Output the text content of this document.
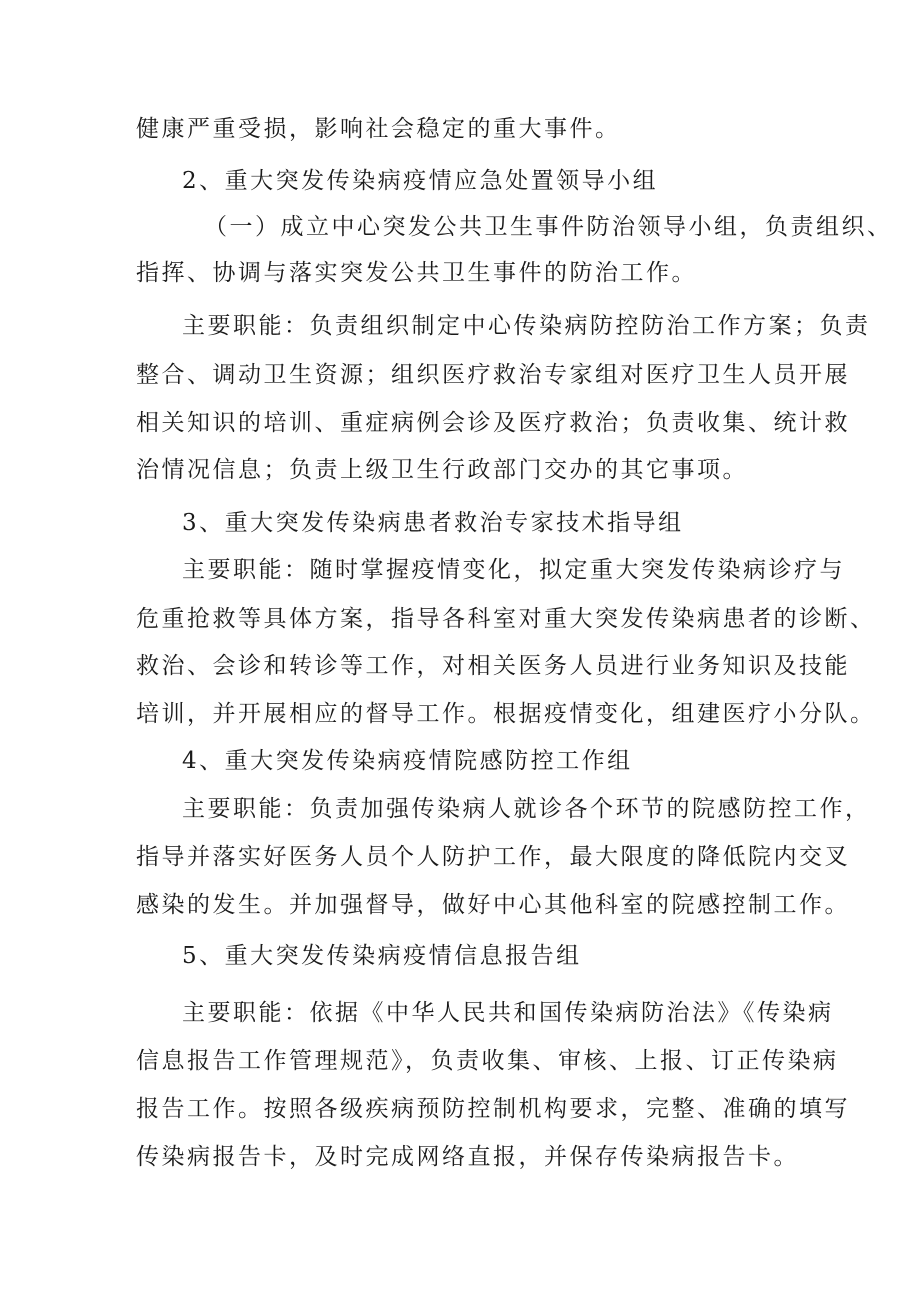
健康严重受损，影响社会稳定的重大事件。
2、重大突发传染病疫情应急处置领导小组
（一）成立中心突发公共卫生事件防治领导小组，负责组织、
指挥、协调与落实突发公共卫生事件的防治工作。
主要职能：负责组织制定中心传染病防控防治工作方案；负责
整合、调动卫生资源；组织医疗救治专家组对医疗卫生人员开展
相关知识的培训、重症病例会诊及医疗救治；负责收集、统计救
治情况信息；负责上级卫生行政部门交办的其它事项。
3、重大突发传染病患者救治专家技术指导组
主要职能：随时掌握疫情变化，拟定重大突发传染病诊疗与
危重抢救等具体方案，指导各科室对重大突发传染病患者的诊断、
救治、会诊和转诊等工作，对相关医务人员进行业务知识及技能
培训，并开展相应的督导工作。根据疫情变化，组建医疗小分队。
4、重大突发传染病疫情院感防控工作组
主要职能：负责加强传染病人就诊各个环节的院感防控工作，
指导并落实好医务人员个人防护工作，最大限度的降低院内交叉
感染的发生。并加强督导，做好中心其他科室的院感控制工作。
5、重大突发传染病疫情信息报告组
主要职能：依据《中华人民共和国传染病防治法》《传染病
信息报告工作管理规范》，负责收集、审核、上报、订正传染病
报告工作。按照各级疾病预防控制机构要求，完整、准确的填写
传染病报告卡，及时完成网络直报，并保存传染病报告卡。
